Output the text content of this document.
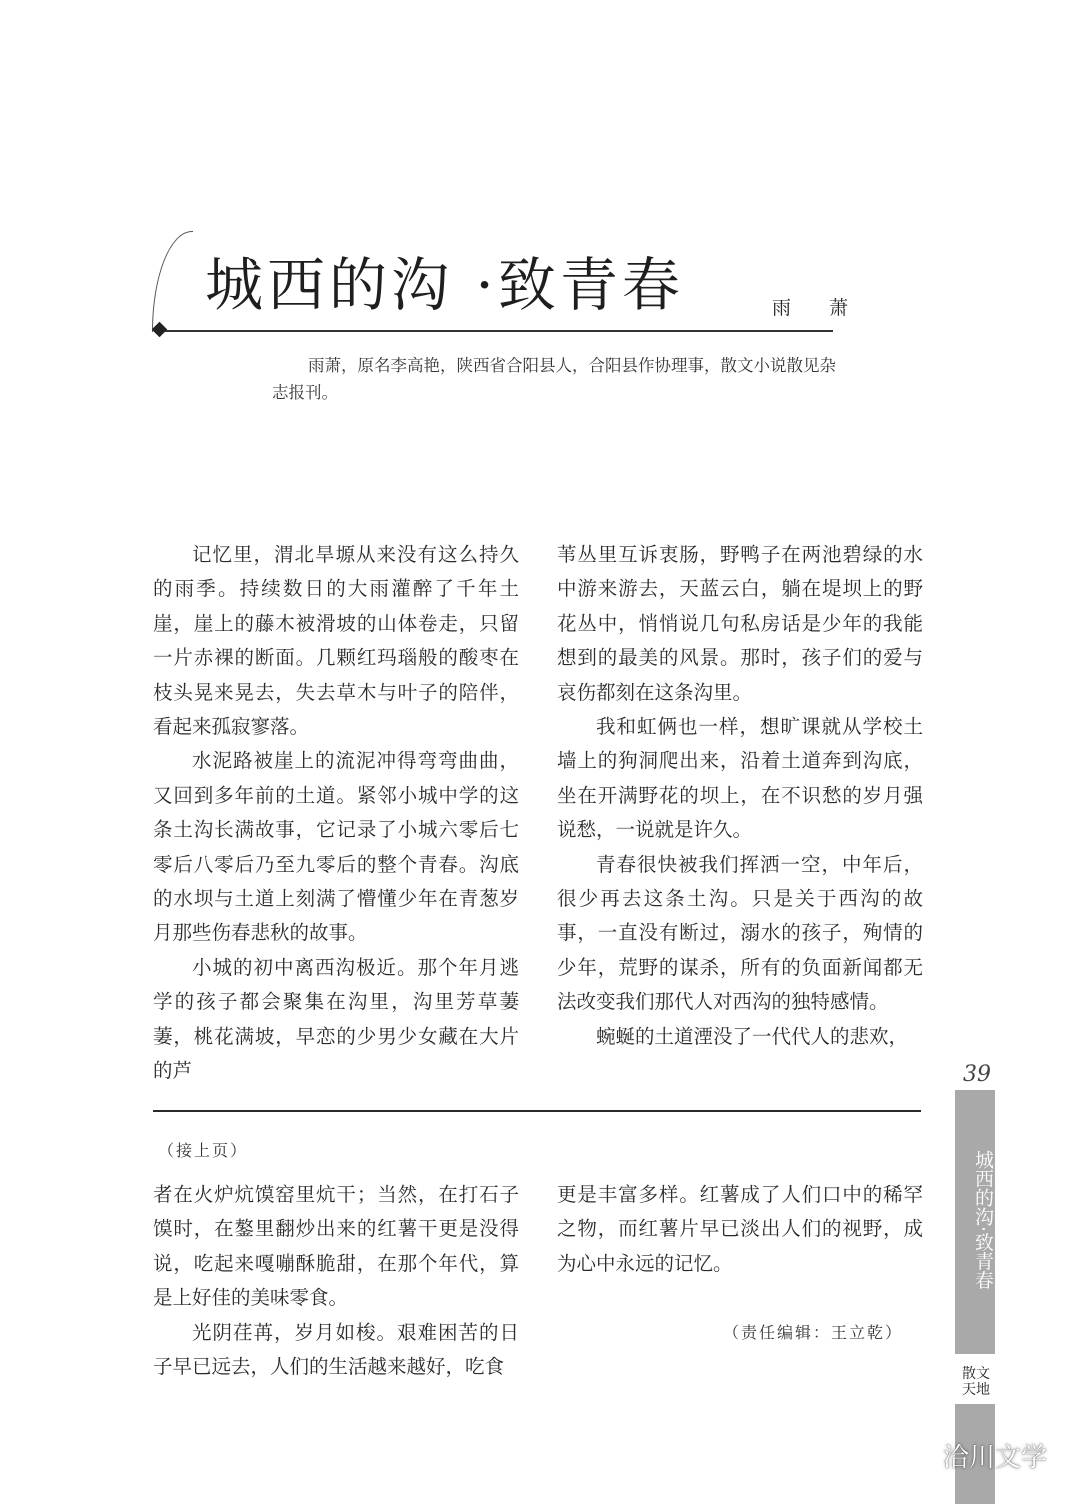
城西的沟 ·致青春	雨 萧

雨萧，原名李高艳，陕西省合阳县人，合阳县作协理事，散文小说散见杂志报刊。

记忆里，渭北旱塬从来没有这么持久的雨季。持续数日的大雨灌醉了千年土崖，崖上的藤木被滑坡的山体卷走，只留一片赤裸的断面。几颗红玛瑙般的酸枣在枝头晃来晃去，失去草木与叶子的陪伴，看起来孤寂寥落。

水泥路被崖上的流泥冲得弯弯曲曲，又回到多年前的土道。紧邻小城中学的这条土沟长满故事，它记录了小城六零后七零后八零后乃至九零后的整个青春。沟底的水坝与土道上刻满了懵懂少年在青葱岁月那些伤春悲秋的故事。

小城的初中离西沟极近。那个年月逃学的孩子都会聚集在沟里，沟里芳草萋萋，桃花满坡，早恋的少男少女藏在大片的芦

苇丛里互诉衷肠，野鸭子在两池碧绿的水中游来游去，天蓝云白，躺在堤坝上的野花丛中，悄悄说几句私房话是少年的我能想到的最美的风景。那时，孩子们的爱与哀伤都刻在这条沟里。

我和虹俩也一样，想旷课就从学校土墙上的狗洞爬出来，沿着土道奔到沟底，坐在开满野花的坝上，在不识愁的岁月强说愁，一说就是许久。

青春很快被我们挥洒一空，中年后，很少再去这条土沟。只是关于西沟的故事，一直没有断过，溺水的孩子，殉情的少年，荒野的谋杀，所有的负面新闻都无法改变我们那代人对西沟的独特感情。

蜿蜒的土道湮没了一代代人的悲欢，

39
（接上页）

者在火炉炕馍窑里炕干；当然，在打石子馍时，在鏊里翻炒出来的红薯干更是没得说，吃起来嘎嘣酥脆甜，在那个年代，算是上好佳的美味零食。

光阴荏苒，岁月如梭。艰难困苦的日子早已远去，人们的生活越来越好，吃食

更是丰富多样。红薯成了人们口中的稀罕之物，而红薯片早已淡出人们的视野，成为心中永远的记忆。

（责任编辑：王立乾）
城西的沟·致青春
散文
天地
洽川文学
